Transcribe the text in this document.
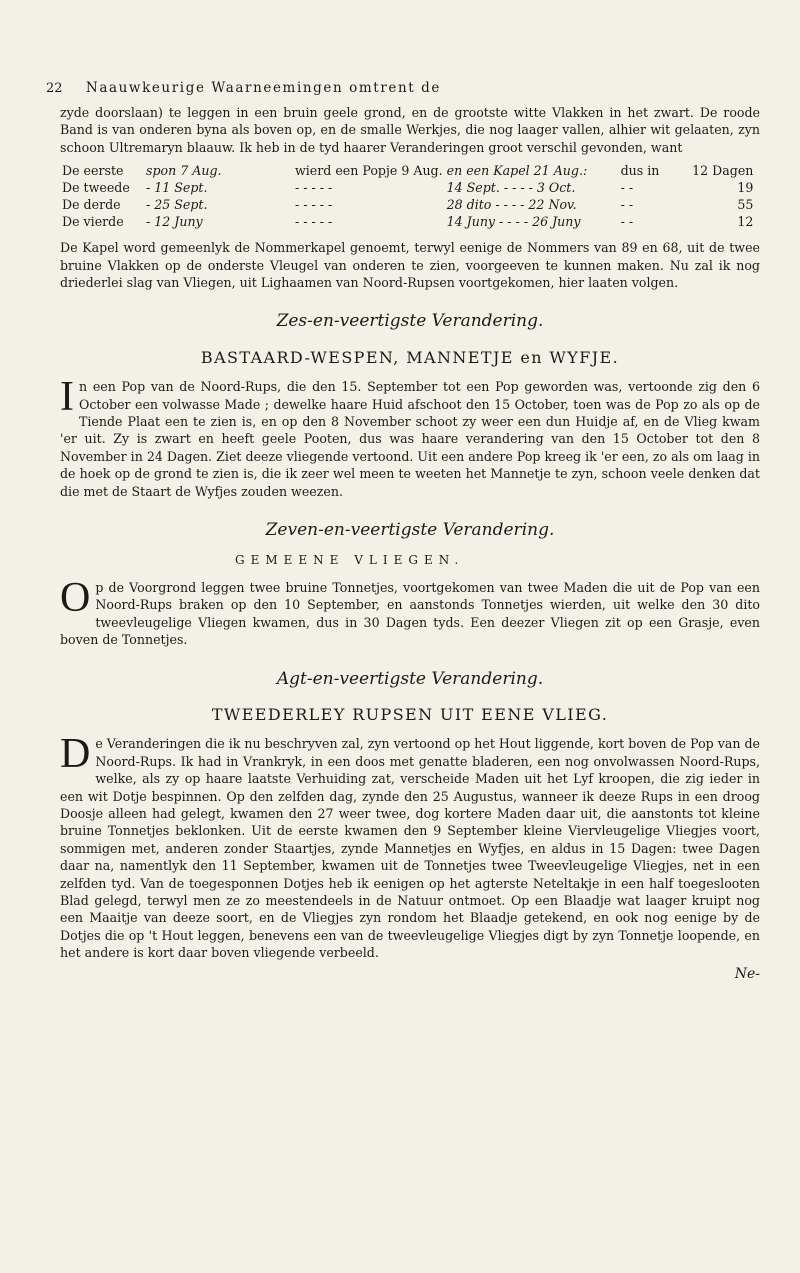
22 Naauwkeurige Waarneemingen omtrent de

zyde doorslaan) te leggen in een bruin geele grond, en de grootste witte Vlakken in het zwart. De roode Band is van onderen byna als boven op, en de smalle Werkjes, die nog laager vallen, alhier wit gelaaten, zyn schoon Ultremaryn blaauw. Ik heb in de tyd haarer Veranderingen groot verschil gevonden, want

De eerste	spon 7 Aug.	wierd een Popje 9 Aug.	en een Kapel 21 Aug.:	dus in	12 Dagen
De tweede	- 11 Sept.	- - - - -	14 Sept. - - - - 3 Oct.	- -	19
De derde	- 25 Sept.	- - - - -	28 dito - - - - 22 Nov.	- -	55
De vierde	- 12 Juny	- - - - -	14 Juny - - - - 26 Juny	- -	12

De Kapel word gemeenlyk de Nommerkapel genoemt, terwyl eenige de Nommers van 89 en 68, uit de twee bruine Vlakken op de onderste Vleugel van onderen te zien, voorgeeven te kunnen maken. Nu zal ik nog driederlei slag van Vliegen, uit Lighaamen van Noord-Rupsen voortgekomen, hier laaten volgen.

Zes-en-veertigste Verandering.
BASTAARD-WESPEN, MANNETJE en WYFJE.

In een Pop van de Noord-Rups, die den 15. September tot een Pop geworden was, vertoonde zig den 6 October een volwasse Made ; dewelke haare Huid afschoot den 15 October, toen was de Pop zo als op de Tiende Plaat een te zien is, en op den 8 November schoot zy weer een dun Huidje af, en de Vlieg kwam 'er uit. Zy is zwart en heeft geele Pooten, dus was haare verandering van den 15 October tot den 8 November in 24 Dagen. Ziet deeze vliegende vertoond. Uit een andere Pop kreeg ik 'er een, zo als om laag in de hoek op de grond te zien is, die ik zeer wel meen te weeten het Mannetje te zyn, schoon veele denken dat die met de Staart de Wyfjes zouden weezen.

Zeven-en-veertigste Verandering.
GEMEENE VLIEGEN.

Op de Voorgrond leggen twee bruine Tonnetjes, voortgekomen van twee Maden die uit de Pop van een Noord-Rups braken op den 10 September, en aanstonds Tonnetjes wierden, uit welke den 30 dito tweevleugelige Vliegen kwamen, dus in 30 Dagen tyds. Een deezer Vliegen zit op een Grasje, even boven de Tonnetjes.

Agt-en-veertigste Verandering.
TWEEDERLEY RUPSEN UIT EENE VLIEG.

De Veranderingen die ik nu beschryven zal, zyn vertoond op het Hout liggende, kort boven de Pop van de Noord-Rups. Ik had in Vrankryk, in een doos met genatte bladeren, een nog onvolwassen Noord-Rups, welke, als zy op haare laatste Verhuiding zat, verscheide Maden uit het Lyf kroopen, die zig ieder in een wit Dotje bespinnen. Op den zelfden dag, zynde den 25 Augustus, wanneer ik deeze Rups in een droog Doosje alleen had gelegt, kwamen den 27 weer twee, dog kortere Maden daar uit, die aanstonts tot kleine bruine Tonnetjes beklonken. Uit de eerste kwamen den 9 September kleine Viervleugelige Vliegjes voort, sommigen met, anderen zonder Staartjes, zynde Mannetjes en Wyfjes, en aldus in 15 Dagen: twee Dagen daar na, namentlyk den 11 September, kwamen uit de Tonnetjes twee Tweevleugelige Vliegjes, net in een zelfden tyd. Van de toegesponnen Dotjes heb ik eenigen op het agterste Neteltakje in een half toegeslooten Blad gelegd, terwyl men ze zo meestendeels in de Natuur ontmoet. Op een Blaadje wat laager kruipt nog een Maaitje van deeze soort, en de Vliegjes zyn rondom het Blaadje getekend, en ook nog eenige by de Dotjes die op 't Hout leggen, benevens een van de tweevleugelige Vliegjes digt by zyn Tonnetje loopende, en het andere is kort daar boven vliegende verbeeld.

Ne-
